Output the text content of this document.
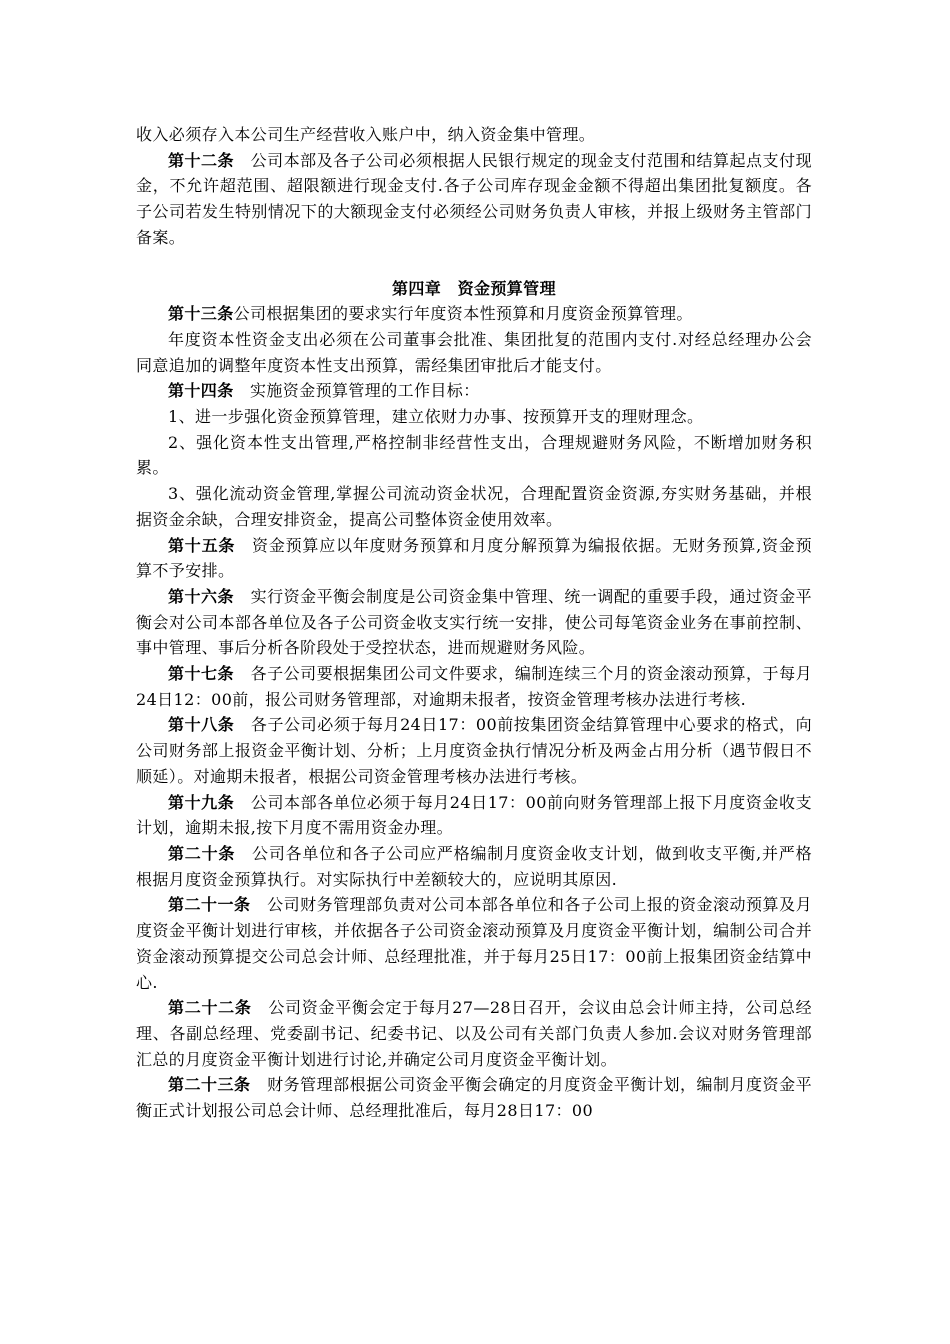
收入必须存入本公司生产经营收入账户中，纳入资金集中管理。

第十二条　公司本部及各子公司必须根据人民银行规定的现金支付范围和结算起点支付现金，不允许超范围、超限额进行现金支付.各子公司库存现金金额不得超出集团批复额度。各子公司若发生特别情况下的大额现金支付必须经公司财务负责人审核，并报上级财务主管部门备案。

第四章　资金预算管理

第十三条公司根据集团的要求实行年度资本性预算和月度资金预算管理。

年度资本性资金支出必须在公司董事会批准、集团批复的范围内支付.对经总经理办公会同意追加的调整年度资本性支出预算，需经集团审批后才能支付。

第十四条　实施资金预算管理的工作目标：

1、进一步强化资金预算管理，建立依财力办事、按预算开支的理财理念。

2、强化资本性支出管理,严格控制非经营性支出，合理规避财务风险，不断增加财务积累。

3、强化流动资金管理,掌握公司流动资金状况，合理配置资金资源,夯实财务基础，并根据资金余缺，合理安排资金，提高公司整体资金使用效率。

第十五条　资金预算应以年度财务预算和月度分解预算为编报依据。无财务预算,资金预算不予安排。

第十六条　实行资金平衡会制度是公司资金集中管理、统一调配的重要手段，通过资金平衡会对公司本部各单位及各子公司资金收支实行统一安排，使公司每笔资金业务在事前控制、事中管理、事后分析各阶段处于受控状态，进而规避财务风险。

第十七条　各子公司要根据集团公司文件要求，编制连续三个月的资金滚动预算，于每月24日12：00前，报公司财务管理部，对逾期未报者，按资金管理考核办法进行考核.

第十八条　各子公司必须于每月24日17：00前按集团资金结算管理中心要求的格式，向公司财务部上报资金平衡计划、分析；上月度资金执行情况分析及两金占用分析（遇节假日不顺延）。对逾期未报者，根据公司资金管理考核办法进行考核。

第十九条　公司本部各单位必须于每月24日17：00前向财务管理部上报下月度资金收支计划，逾期未报,按下月度不需用资金办理。

第二十条　公司各单位和各子公司应严格编制月度资金收支计划，做到收支平衡,并严格根据月度资金预算执行。对实际执行中差额较大的，应说明其原因.

第二十一条　公司财务管理部负责对公司本部各单位和各子公司上报的资金滚动预算及月度资金平衡计划进行审核，并依据各子公司资金滚动预算及月度资金平衡计划，编制公司合并资金滚动预算提交公司总会计师、总经理批准，并于每月25日17：00前上报集团资金结算中心.

第二十二条　公司资金平衡会定于每月27—28日召开，会议由总会计师主持，公司总经理、各副总经理、党委副书记、纪委书记、以及公司有关部门负责人参加.会议对财务管理部汇总的月度资金平衡计划进行讨论,并确定公司月度资金平衡计划。

第二十三条　财务管理部根据公司资金平衡会确定的月度资金平衡计划，编制月度资金平衡正式计划报公司总会计师、总经理批准后，每月28日17：00
